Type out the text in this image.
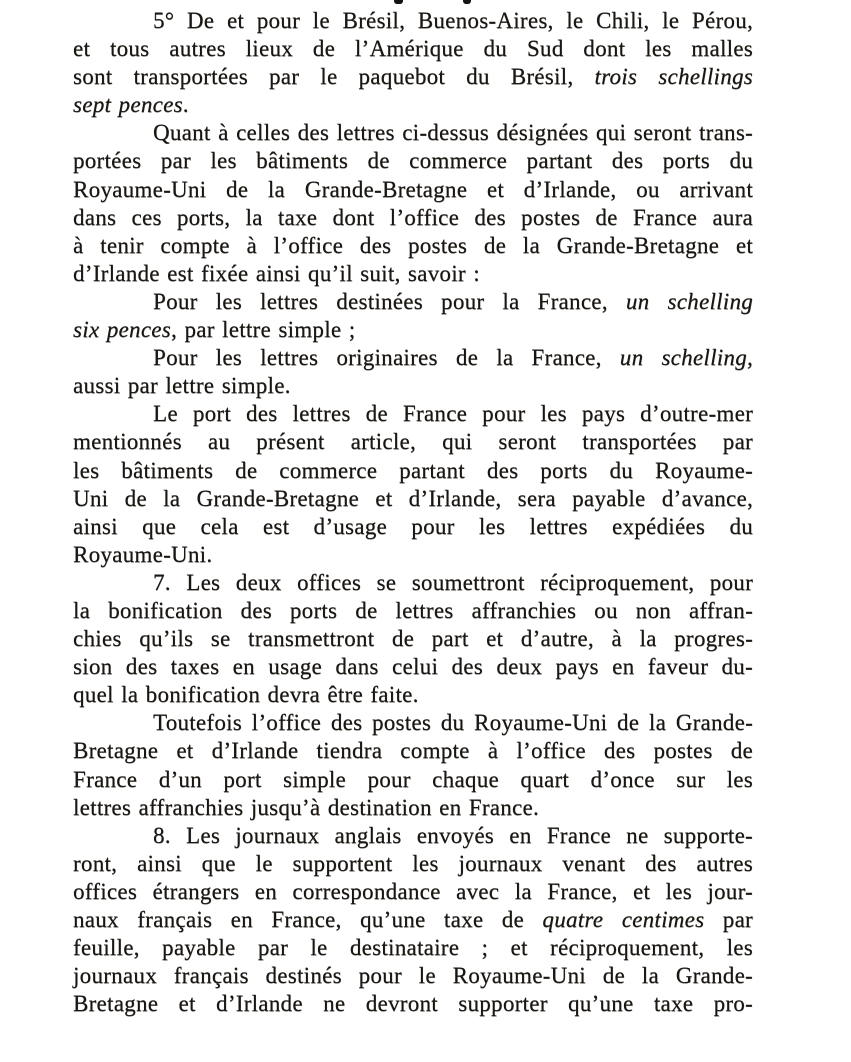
5° De et pour le Brésil, Buenos-Aires, le Chili, le Pérou,
et tous autres lieux de l’Amérique du Sud dont les malles
sont transportées par le paquebot du Brésil, trois schellings
sept pences.
Quant à celles des lettres ci-dessus désignées qui seront trans-
portées par les bâtiments de commerce partant des ports du
Royaume-Uni de la Grande-Bretagne et d’Irlande, ou arrivant
dans ces ports, la taxe dont l’office des postes de France aura
à tenir compte à l’office des postes de la Grande-Bretagne et
d’Irlande est fixée ainsi qu’il suit, savoir :
Pour les lettres destinées pour la France, un schelling
six pences, par lettre simple ;
Pour les lettres originaires de la France, un schelling,
aussi par lettre simple.
Le port des lettres de France pour les pays d’outre-mer
mentionnés au présent article, qui seront transportées par
les bâtiments de commerce partant des ports du Royaume-
Uni de la Grande-Bretagne et d’Irlande, sera payable d’avance,
ainsi que cela est d’usage pour les lettres expédiées du
Royaume-Uni.
7. Les deux offices se soumettront réciproquement, pour
la bonification des ports de lettres affranchies ou non affran-
chies qu’ils se transmettront de part et d’autre, à la progres-
sion des taxes en usage dans celui des deux pays en faveur du-
quel la bonification devra être faite.
Toutefois l’office des postes du Royaume-Uni de la Grande-
Bretagne et d’Irlande tiendra compte à l’office des postes de
France d’un port simple pour chaque quart d’once sur les
lettres affranchies jusqu’à destination en France.
8. Les journaux anglais envoyés en France ne supporte-
ront, ainsi que le supportent les journaux venant des autres
offices étrangers en correspondance avec la France, et les jour-
naux français en France, qu’une taxe de quatre centimes par
feuille, payable par le destinataire ; et réciproquement, les
journaux français destinés pour le Royaume-Uni de la Grande-
Bretagne et d’Irlande ne devront supporter qu’une taxe pro-
